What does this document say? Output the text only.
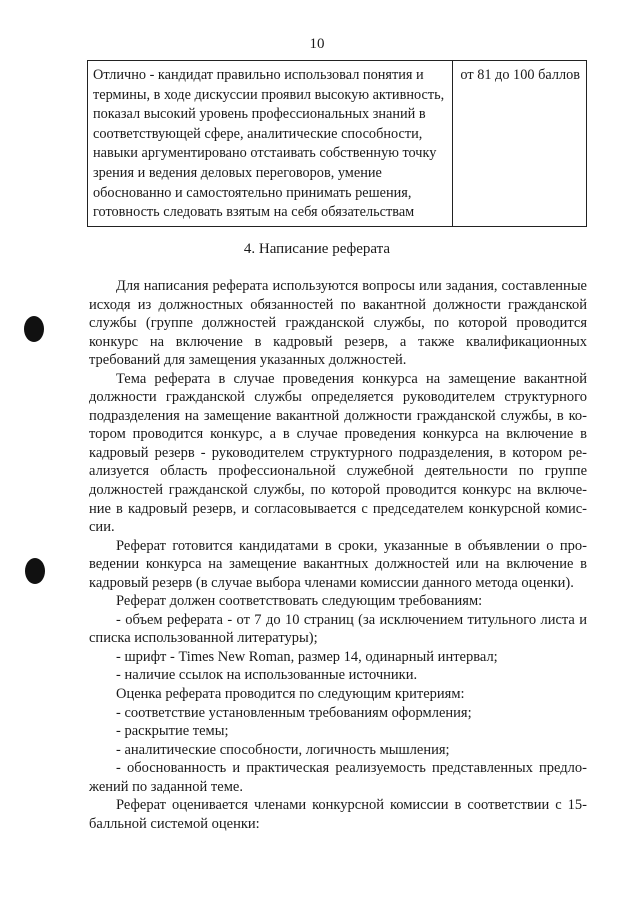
10
Отлично - кандидат правильно использовал понятия и термины, в ходе дискуссии проявил высокую активность, показал высокий уровень профессиональных знаний в соответствующей сфере, аналитические способности, навыки аргументировано отстаивать собственную точку зрения и ведения деловых переговоров, умение обоснованно и самостоятельно принимать решения, готовность следовать взятым на себя обязательствам	от 81 до 100 баллов
4. Написание реферата

Для написания реферата используются вопросы или задания, составленные исходя из должностных обязанностей по вакантной должности гражданской службы (группе должностей гражданской службы, по которой проводится конкурс на включение в кадровый резерв, а также квалификационных требований для замещения указанных должностей.

Тема реферата в случае проведения конкурса на замещение вакантной должности гражданской службы определяется руководителем структурного подразделения на замещение вакантной должности гражданской службы, в котором проводится конкурс, а в случае проведения конкурса на включение в кадровый резерв - руководителем структурного подразделения, в котором реализуется область профессиональной служебной деятельности по группе должностей гражданской службы, по которой проводится конкурс на включение в кадровый резерв, и согласовывается с председателем конкурсной комиссии.

Реферат готовится кандидатами в сроки, указанные в объявлении о проведении конкурса на замещение вакантных должностей или на включение в кадровый резерв (в случае выбора членами комиссии данного метода оценки).

Реферат должен соответствовать следующим требованиям:

- объем реферата - от 7 до 10 страниц (за исключением титульного листа и списка использованной литературы);

- шрифт - Times New Roman, размер 14, одинарный интервал;

- наличие ссылок на использованные источники.

Оценка реферата проводится по следующим критериям:

- соответствие установленным требованиям оформления;

- раскрытие темы;

- аналитические способности, логичность мышления;

- обоснованность и практическая реализуемость представленных предложений по заданной теме.

Реферат оценивается членами конкурсной комиссии в соответствии с 15-балльной системой оценки:
